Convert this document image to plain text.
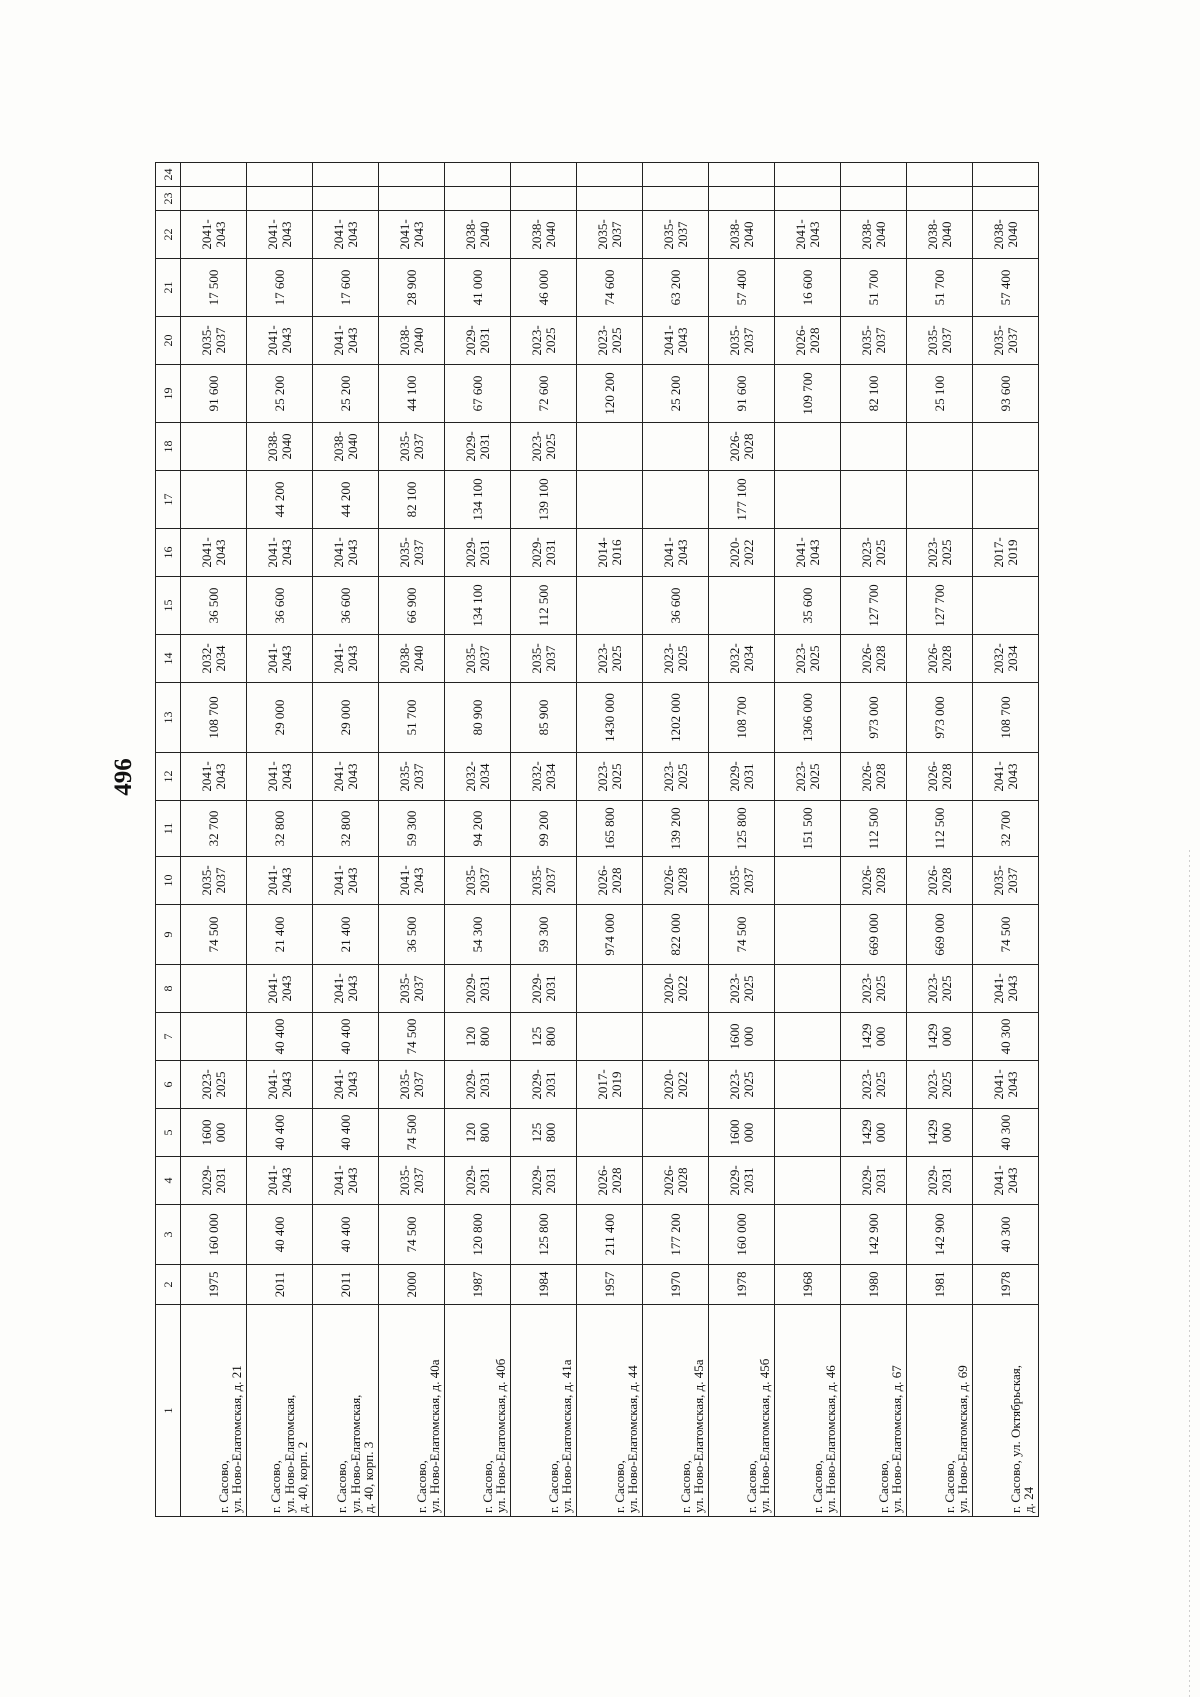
496
1	2	3	4	5	6	7	8	9	10	11	12	13	14	15	16	17	18	19	20	21	22	23	24
г. Сасово,
ул. Ново-Елатомская, д. 21	1975	160 000	2029-
2031	1600
000	2023-
2025			74 500	2035-
2037	32 700	2041-
2043	108 700	2032-
2034	36 500	2041-
2043			91 600	2035-
2037	17 500	2041-
2043		
г. Сасово,
ул. Ново-Елатомская,
д. 40, корп. 2	2011	40 400	2041-
2043	40 400	2041-
2043	40 400	2041-
2043	21 400	2041-
2043	32 800	2041-
2043	29 000	2041-
2043	36 600	2041-
2043	44 200	2038-
2040	25 200	2041-
2043	17 600	2041-
2043		
г. Сасово,
ул. Ново-Елатомская,
д. 40, корп. 3	2011	40 400	2041-
2043	40 400	2041-
2043	40 400	2041-
2043	21 400	2041-
2043	32 800	2041-
2043	29 000	2041-
2043	36 600	2041-
2043	44 200	2038-
2040	25 200	2041-
2043	17 600	2041-
2043		
г. Сасово,
ул. Ново-Елатомская, д. 40а	2000	74 500	2035-
2037	74 500	2035-
2037	74 500	2035-
2037	36 500	2041-
2043	59 300	2035-
2037	51 700	2038-
2040	66 900	2035-
2037	82 100	2035-
2037	44 100	2038-
2040	28 900	2041-
2043		
г. Сасово,
ул. Ново-Елатомская, д. 40б	1987	120 800	2029-
2031	120 800	2029-
2031	120 800	2029-
2031	54 300	2035-
2037	94 200	2032-
2034	80 900	2035-
2037	134 100	2029-
2031	134 100	2029-
2031	67 600	2029-
2031	41 000	2038-
2040		
г. Сасово,
ул. Ново-Елатомская, д. 41а	1984	125 800	2029-
2031	125 800	2029-
2031	125 800	2029-
2031	59 300	2035-
2037	99 200	2032-
2034	85 900	2035-
2037	112 500	2029-
2031	139 100	2023-
2025	72 600	2023-
2025	46 000	2038-
2040		
г. Сасово,
ул. Ново-Елатомская, д. 44	1957	211 400	2026-
2028		2017-
2019			974 000	2026-
2028	165 800	2023-
2025	1430 000	2023-
2025		2014-
2016			120 200	2023-
2025	74 600	2035-
2037		
г. Сасово,
ул. Ново-Елатомская, д. 45а	1970	177 200	2026-
2028		2020-
2022		2020-
2022	822 000	2026-
2028	139 200	2023-
2025	1202 000	2023-
2025	36 600	2041-
2043			25 200	2041-
2043	63 200	2035-
2037		
г. Сасово,
ул. Ново-Елатомская, д. 45б	1978	160 000	2029-
2031	1600
000	2023-
2025	1600
000	2023-
2025	74 500	2035-
2037	125 800	2029-
2031	108 700	2032-
2034		2020-
2022	177 100	2026-
2028	91 600	2035-
2037	57 400	2038-
2040		
г. Сасово,
ул. Ново-Елатомская, д. 46	1968									151 500	2023-
2025	1306 000	2023-
2025	35 600	2041-
2043			109 700	2026-
2028	16 600	2041-
2043		
г. Сасово,
ул. Ново-Елатомская, д. 67	1980	142 900	2029-
2031	1429
000	2023-
2025	1429
000	2023-
2025	669 000	2026-
2028	112 500	2026-
2028	973 000	2026-
2028	127 700	2023-
2025			82 100	2035-
2037	51 700	2038-
2040		
г. Сасово,
ул. Ново-Елатомская, д. 69	1981	142 900	2029-
2031	1429
000	2023-
2025	1429
000	2023-
2025	669 000	2026-
2028	112 500	2026-
2028	973 000	2026-
2028	127 700	2023-
2025			25 100	2035-
2037	51 700	2038-
2040		
г. Сасово, ул. Октябрьская,
д. 24	1978	40 300	2041-
2043	40 300	2041-
2043	40 300	2041-
2043	74 500	2035-
2037	32 700	2041-
2043	108 700	2032-
2034		2017-
2019			93 600	2035-
2037	57 400	2038-
2040		
